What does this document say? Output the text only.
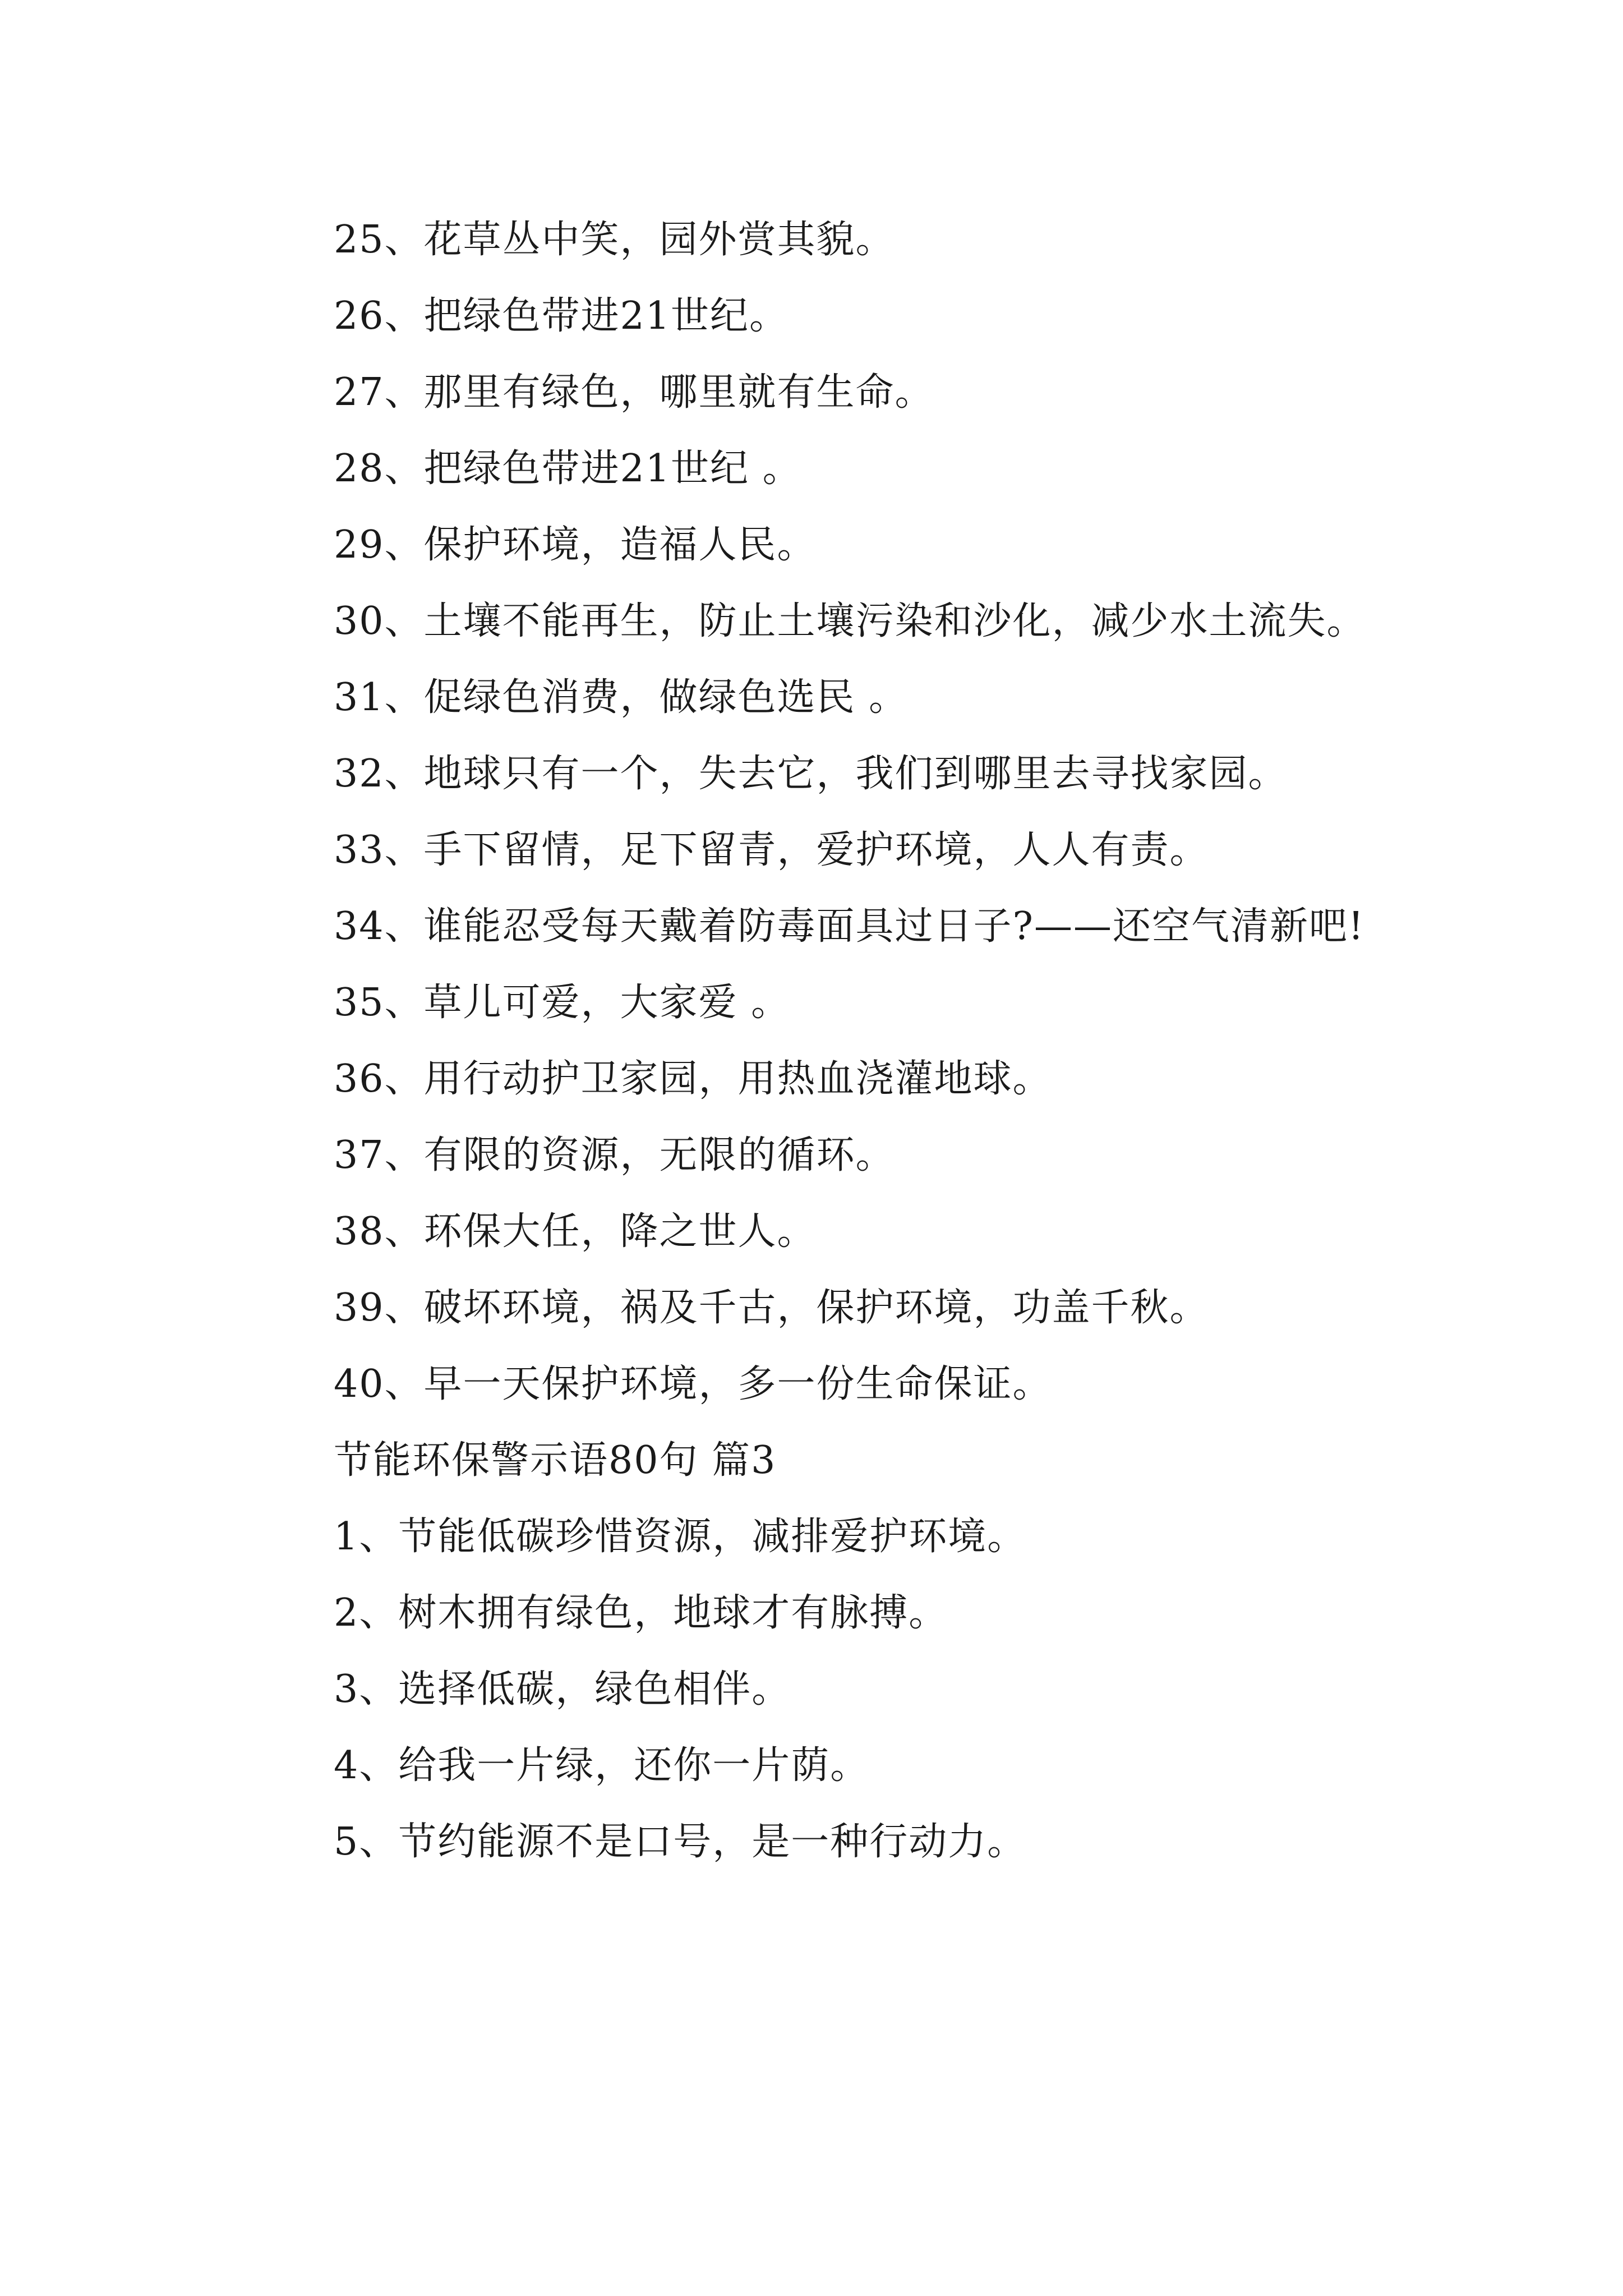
25、花草丛中笑，园外赏其貌。
26、把绿色带进21世纪。
27、那里有绿色，哪里就有生命。
28、把绿色带进21世纪 。
29、保护环境，造福人民。
30、土壤不能再生，防止土壤污染和沙化，减少水土流失。
31、促绿色消费，做绿色选民 。
32、地球只有一个，失去它，我们到哪里去寻找家园。
33、手下留情，足下留青，爱护环境，人人有责。
34、谁能忍受每天戴着防毒面具过日子?——还空气清新吧!
35、草儿可爱，大家爱 。
36、用行动护卫家园，用热血浇灌地球。
37、有限的资源，无限的循环。
38、环保大任，降之世人。
39、破坏环境，祸及千古，保护环境，功盖千秋。
40、早一天保护环境，多一份生命保证。
节能环保警示语80句 篇3
1、节能低碳珍惜资源，减排爱护环境。
2、树木拥有绿色，地球才有脉搏。
3、选择低碳，绿色相伴。
4、给我一片绿，还你一片荫。
5、节约能源不是口号，是一种行动力。
